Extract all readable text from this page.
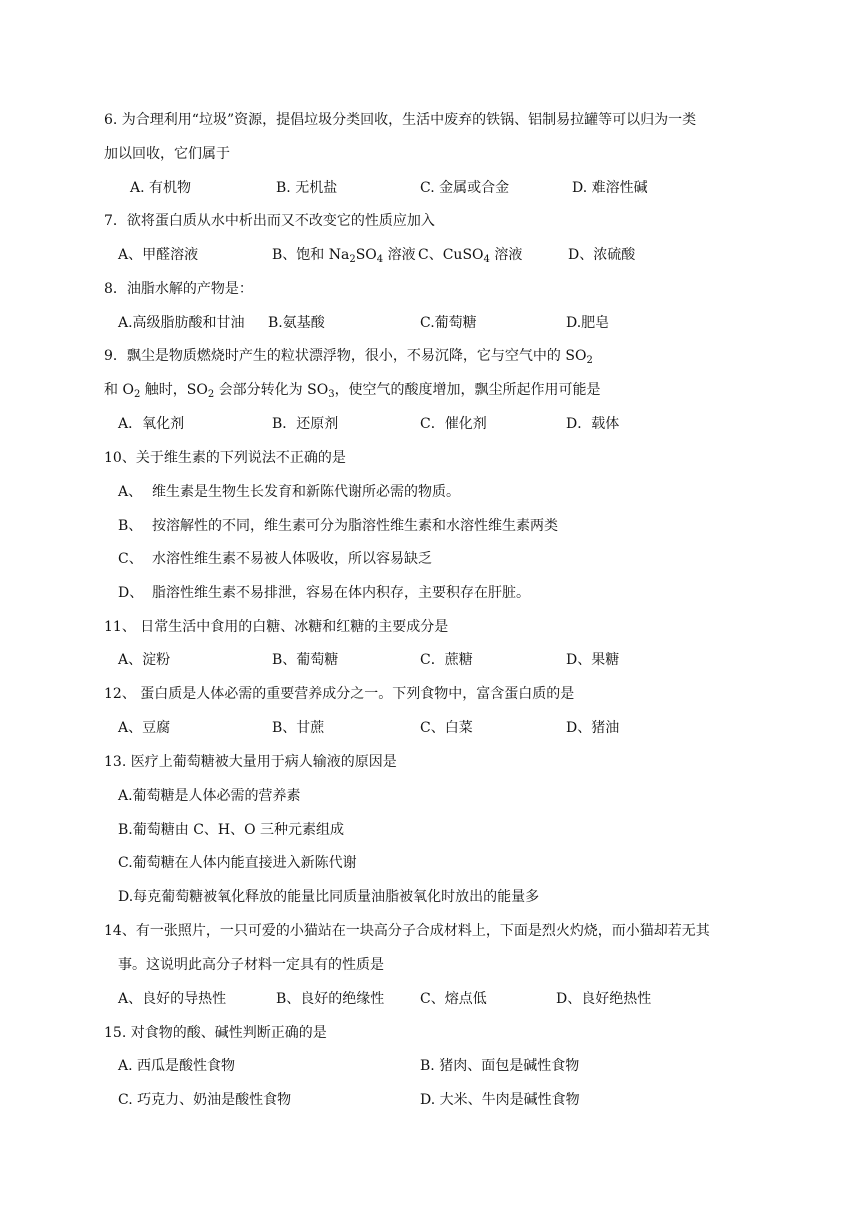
6. 为合理利用“垃圾”资源，提倡垃圾分类回收，生活中废弃的铁锅、铝制易拉罐等可以归为一类
加以回收，它们属于
A. 有机物	B. 无机盐	C. 金属或合金	D. 难溶性碱
7．欲将蛋白质从水中析出而又不改变它的性质应加入
A、甲醛溶液	B、饱和 $Na_2SO_4$ 溶液 C、CuSO$_4$ 溶液	D、浓硫酸
8．油脂水解的产物是：
A.高级脂肪酸和甘油 B.氨基酸	C.葡萄糖	D.肥皂
9．飘尘是物质燃烧时产生的粒状漂浮物，很小，不易沉降，它与空气中的 $SO_2$
和 $O_2$ 触时，$SO_2$ 会部分转化为 $SO_3$，使空气的酸度增加，飘尘所起作用可能是
A．氧化剂	B．还原剂	C．催化剂	D．载体
10、关于维生素的下列说法不正确的是
A、 维生素是生物生长发育和新陈代谢所必需的物质。
B、 按溶解性的不同，维生素可分为脂溶性维生素和水溶性维生素两类
C、 水溶性维生素不易被人体吸收，所以容易缺乏
D、 脂溶性维生素不易排泄，容易在体内积存，主要积存在肝脏。
11、 日常生活中食用的白糖、冰糖和红糖的主要成分是
A、淀粉	B、葡萄糖	C．蔗糖	D、果糖
12、 蛋白质是人体必需的重要营养成分之一。下列食物中，富含蛋白质的是
A、豆腐	B、甘蔗	C、白菜	D、猪油
13. 医疗上葡萄糖被大量用于病人输液的原因是
A.葡萄糖是人体必需的营养素
B.葡萄糖由 C、H、O 三种元素组成
C.葡萄糖在人体内能直接进入新陈代谢
D.每克葡萄糖被氧化释放的能量比同质量油脂被氧化时放出的能量多
14、有一张照片，一只可爱的小猫站在一块高分子合成材料上，下面是烈火灼烧，而小猫却若无其
事。这说明此高分子材料一定具有的性质是
A、良好的导热性	B、良好的绝缘性	C、熔点低	D、良好绝热性
15. 对食物的酸、碱性判断正确的是
A. 西瓜是酸性食物	B. 猪肉、面包是碱性食物
C. 巧克力、奶油是酸性食物	D. 大米、牛肉是碱性食物
